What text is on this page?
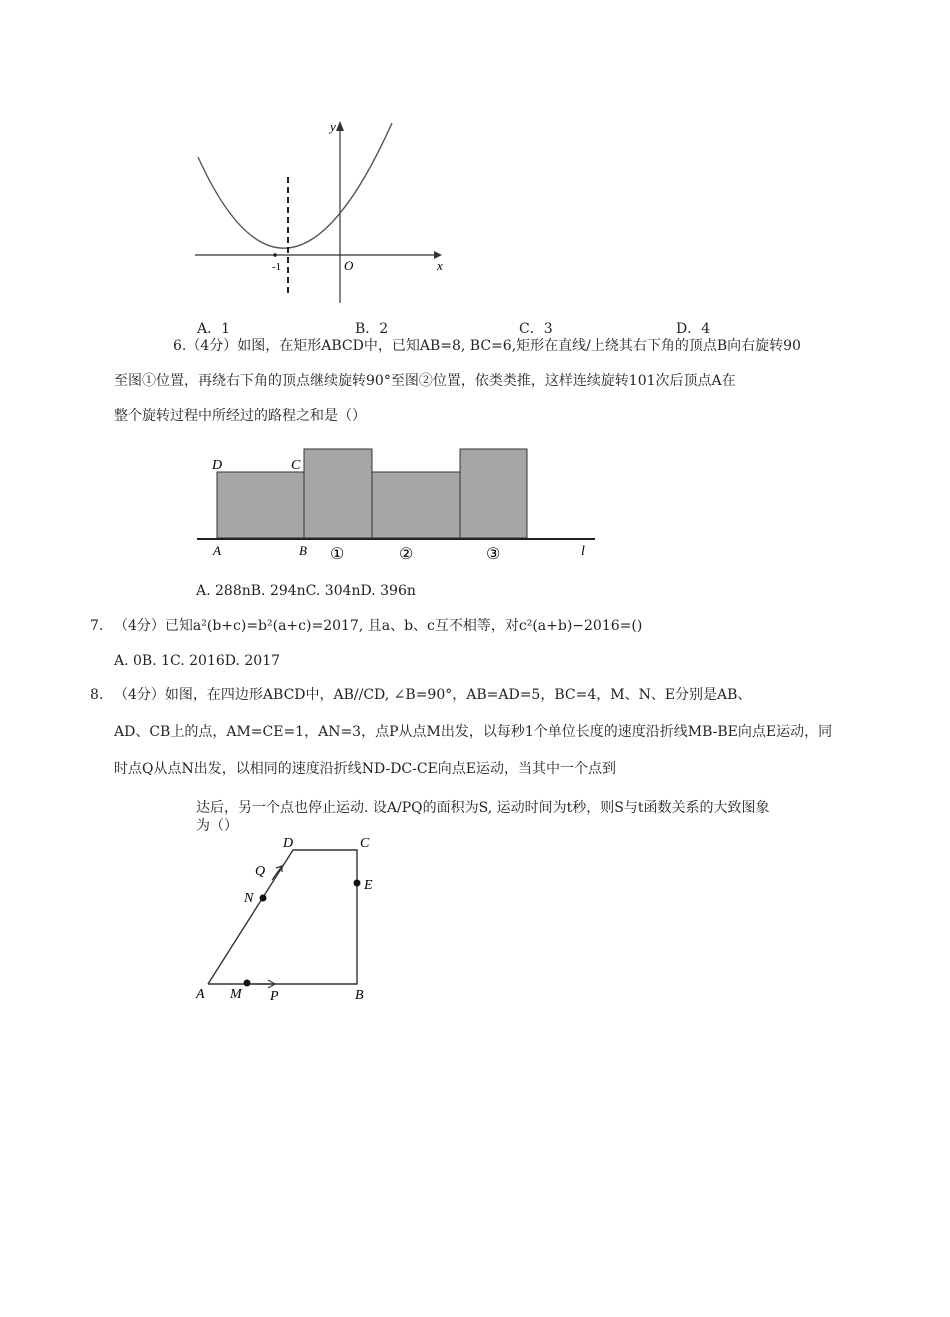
y
x
O
-1
A．1	B．2	C．3	D．4
6.（4分）如图，在矩形ABCD中，已知AB=8, BC=6,矩形在直线/上绕其右下角的顶点B向右旋转90
至图①位置，再绕右下角的顶点继续旋转90°至图②位置，依类类推，这样连续旋转101次后顶点A在
整个旋转过程中所经过的路程之和是（）
D	C
A	B ①	②	③	l
A. 288nB. 294nC. 304nD. 396n
7. （4分）已知a²(b+c)=b²(a+c)=2017, 且a、b、c互不相等，对c²(a+b)−2016=()
A. 0B. 1C. 2016D. 2017
8. （4分）如图，在四边形ABCD中，AB//CD, ∠B=90°，AB=AD=5，BC=4，M、N、E分别是AB、
AD、CB上的点，AM=CE=1，AN=3，点P从点M出发，以每秒1个单位长度的速度沿折线MB-BE向点E运动，同
时点Q从点N出发，以相同的速度沿折线ND-DC-CE向点E运动，当其中一个点到
达后，另一个点也停止运动. 设A/PQ的面积为S, 运动时间为t秒，则S与t函数关系的大致图象
为（）
D	C
Q
N
E
A M P	B
